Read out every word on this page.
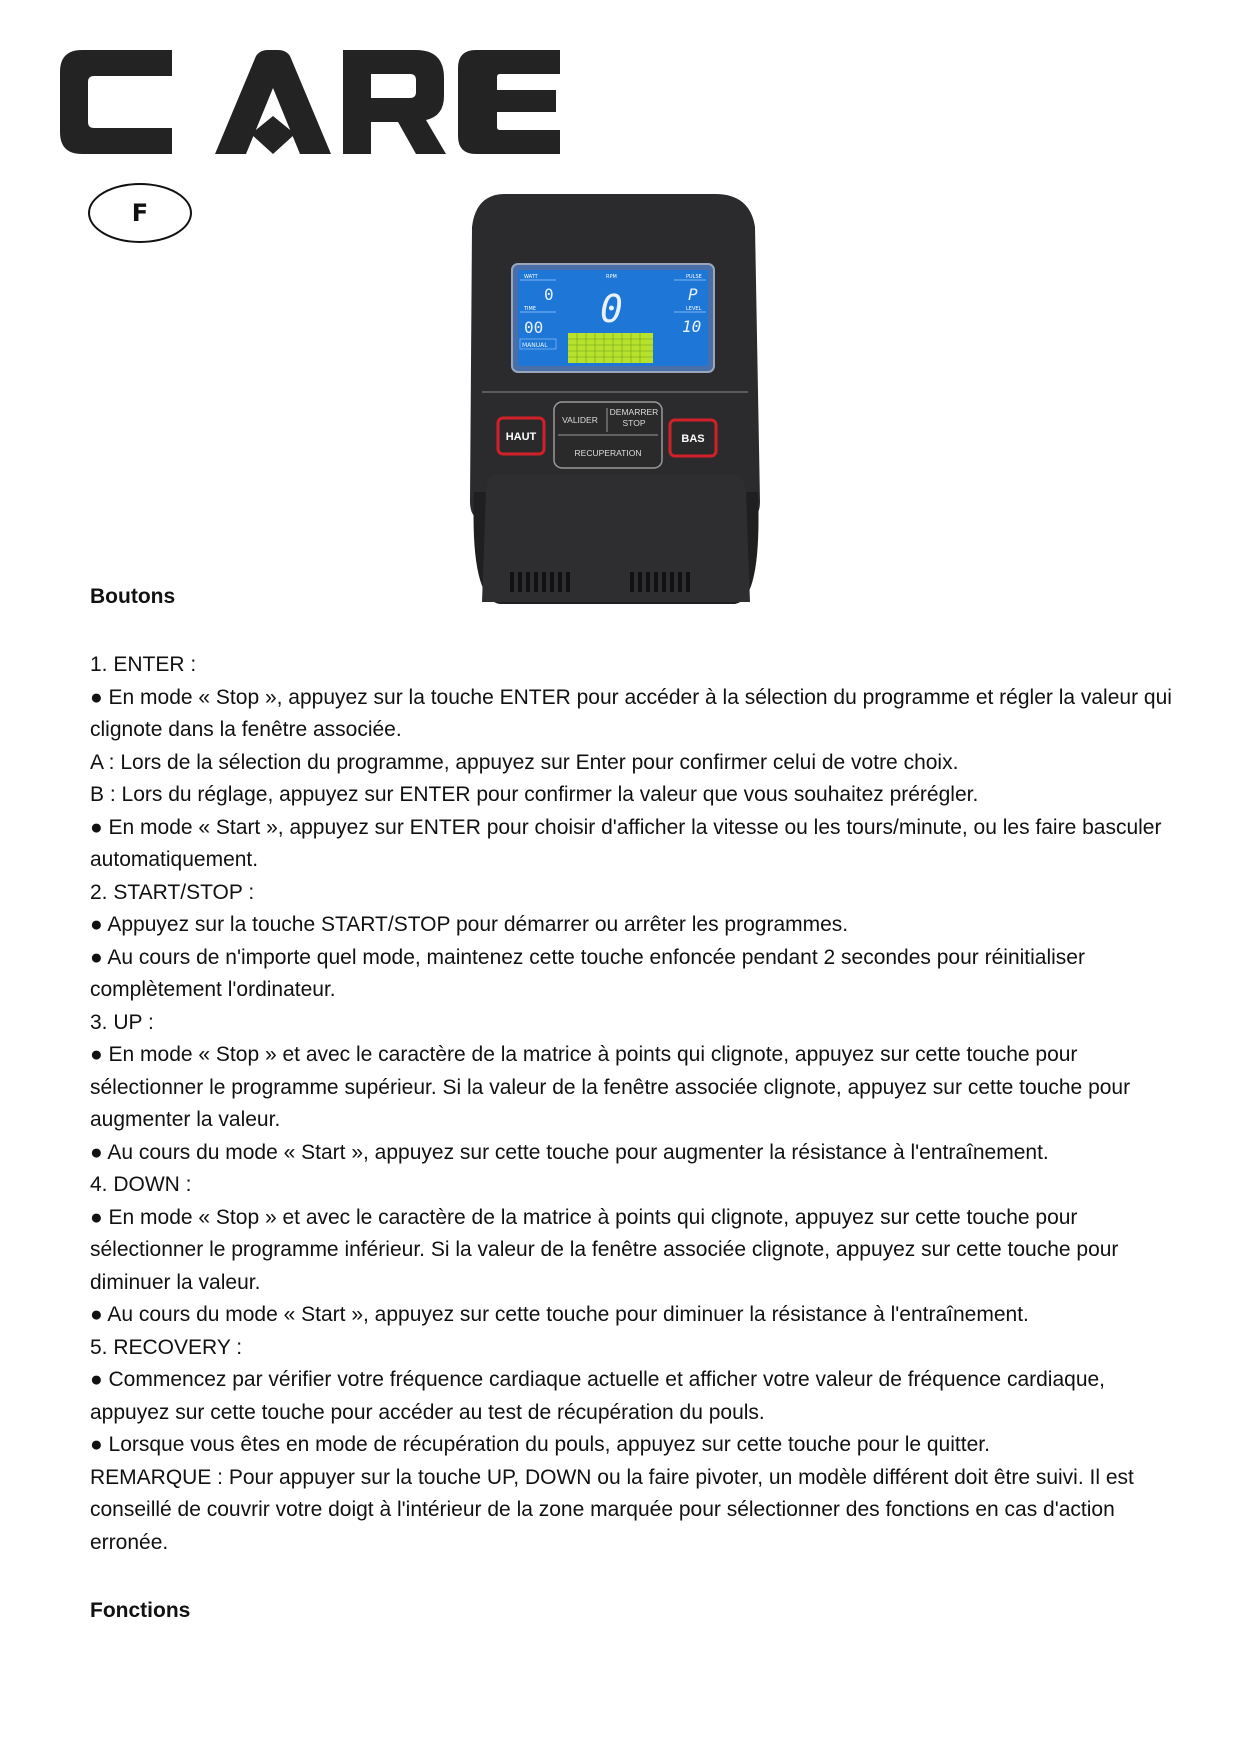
F
WATT	RPM	PULSE
TIME	LEVEL
0 0	P
00	10
MANUAL
HAUT	BAS
VALIDER
DEMARRER
STOP
RECUPERATION
Boutons

1. ENTER :

● En mode « Stop », appuyez sur la touche ENTER pour accéder à la sélection du programme et régler la valeur qui clignote dans la fenêtre associée.

A : Lors de la sélection du programme, appuyez sur Enter pour confirmer celui de votre choix.

B : Lors du réglage, appuyez sur ENTER pour confirmer la valeur que vous souhaitez prérégler.

● En mode « Start », appuyez sur ENTER pour choisir d'afficher la vitesse ou les tours/minute, ou les faire basculer automatiquement.

2. START/STOP :

● Appuyez sur la touche START/STOP pour démarrer ou arrêter les programmes.

● Au cours de n'importe quel mode, maintenez cette touche enfoncée pendant 2 secondes pour réinitialiser complètement l'ordinateur.

3. UP :

● En mode « Stop » et avec le caractère de la matrice à points qui clignote, appuyez sur cette touche pour sélectionner le programme supérieur. Si la valeur de la fenêtre associée clignote, appuyez sur cette touche pour augmenter la valeur.

● Au cours du mode « Start », appuyez sur cette touche pour augmenter la résistance à l'entraînement.

4. DOWN :

● En mode « Stop » et avec le caractère de la matrice à points qui clignote, appuyez sur cette touche pour sélectionner le programme inférieur. Si la valeur de la fenêtre associée clignote, appuyez sur cette touche pour diminuer la valeur.

● Au cours du mode « Start », appuyez sur cette touche pour diminuer la résistance à l'entraînement.

5. RECOVERY :

● Commencez par vérifier votre fréquence cardiaque actuelle et afficher votre valeur de fréquence cardiaque, appuyez sur cette touche pour accéder au test de récupération du pouls.

● Lorsque vous êtes en mode de récupération du pouls, appuyez sur cette touche pour le quitter.

REMARQUE : Pour appuyer sur la touche UP, DOWN ou la faire pivoter, un modèle différent doit être suivi. Il est conseillé de couvrir votre doigt à l'intérieur de la zone marquée pour sélectionner des fonctions en cas d'action erronée.

Fonctions
